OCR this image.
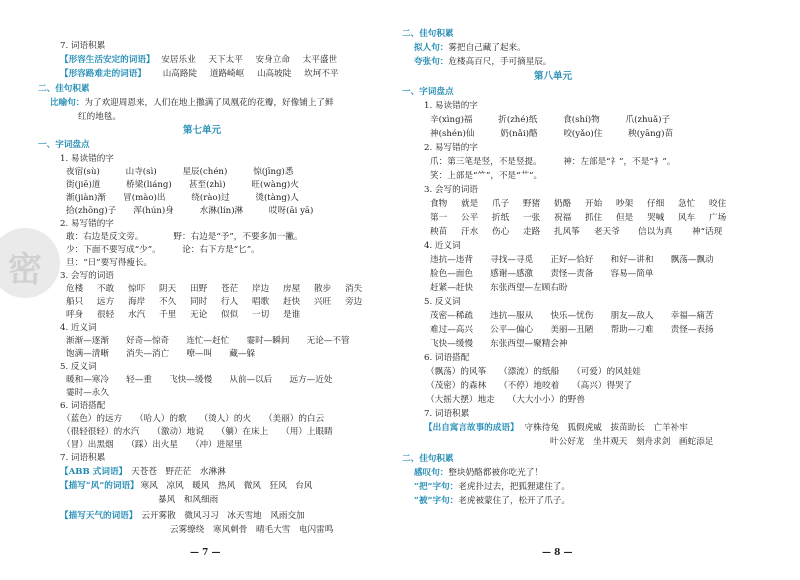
密
7. 词语积累
【形容生活安定的词语】 安居乐业 天下太平 安身立命 太平盛世
【形容路难走的词语】 山高路陡 道路崎岖 山高坡陡 坎坷不平
二、佳句积累
比喻句：为了欢迎周恩来，人们在地上撒满了凤凰花的花瓣，好像铺上了鲜
红的地毯。
第七单元
一、字词盘点
1. 易读错的字
夜宿(sù)　　　山寺(sì)　　　星辰(chén)　　　惊(jīng)悉
街(jiē)道　　　桥梁(liáng)　　甚至(zhì)　　　旺(wàng)火
渐(jiàn)渐　　冒(mào)出　　　绕(rào)过　　　烫(tàng)人
拾(zhōng)子　　浑(hún)身　　　水淋(lín)淋　　　哎呀(āi yā)
2. 易写错的字
敢：右边是反文旁。　　　　野：右边是“予”，不要多加一撇。
少：下面不要写成“少”。　　　论：右下方是“匕”。
旦：“日”要写得瘦长。
3. 会写的词语
危楼 不敢 惊吓 阴天 田野 苍茫 岸边 房屋 散步 消失
船只 远方 海岸 不久 同时 行人 唱歌 赶快 兴旺 旁边
呼身 很轻 水汽 千里 无论 似似 一切 是谁
4. 近义词
渐渐—逐渐　　好奇—惊奇　　连忙—赶忙　　霎时—瞬间　　无论—不管
饱满—清晰　　消失—消亡　　嘹—叫　　藏—躲
5. 反义词
暖和—寒冷　　轻—重　　飞快—缓慢　　从前—以后　　远方—近处
霎时—永久
6. 词语搭配
（蓝色）的远方　　（哈人）的歌　　（烫人）的火　　（美丽）的白云
（很轻很轻）的水汽　　（激动）地说　　（躺）在床上　　（用）上眼睛
（冒）出黑烟　　（踩）出火星　　（冲）进屋里
7. 词语积累
【ABB 式词语】 天苍苍　野茫茫　水淋淋
【描写“风”的词语】 寒风　凉风　暖风　热风　微风　狂风　台风
暴风　和风细雨
【描写天气的词语】 云开雾散　微风习习　冰天雪地　风雨交加
云雾缭绕　寒风刺骨　晴毛大雪　电闪雷鸣
— 7 —
二、佳句积累
拟人句：雾把自己藏了起来。
夸张句：危楼高百尺，手可摘星辰。
第八单元
一、字词盘点
1. 易读错的字
辛(xìng)福　　　折(zhé)纸　　　食(shí)物　　　爪(zhuǎ)子
神(shén)仙　　　奶(nǎi)酪　　　咬(yǎo)住　　　秧(yāng)苗
2. 易写错的字
爪：第三笔是竖，不是竖提。　　　神：左部是“礻”，不是“衤”。
笑：上部是“⺮”，不是“艹”。
3. 会写的词语
食物 就是 爪子 野猪 奶酪 开始 吵架 仔细 急忙 咬住
第一 公平 折纸 一张 祝福 抓住 但是 哭喊 风车 广场
秧苗 汗水 伤心 走路 扎风筝 老天爷 信以为真 神“话现
4. 近义词
违抗—违背　　寻找—寻觅　　正好—恰好　　和好—讲和　　飘荡—飘动
脸色—面色　　感谢—感激　　责怪—责备　　容易—简单
赶紧—赶快　　东张西望—左顾右盼
5. 反义词
茂密—稀疏　　违抗—服从　　快乐—忧伤　　朋友—敌人　　幸福—痛苦
难过—高兴　　公平—偏心　　美丽—丑陋　　帮助—刁难　　责怪—表扬
飞快—缓慢　　东张西望—聚精会神
6. 词语搭配
（飘荡）的风筝　　（漂流）的纸船　　（可爱）的风娃娃
（茂密）的森林　　（不停）地咬着　　（高兴）得哭了
（大摇大摆）地走　　（大大小小）的野兽
7. 词语积累
【出自寓言故事的成语】 守株待兔　狐假虎威　拔苗助长　亡羊补牢
叶公好龙　坐井观天　刻舟求剑　画蛇添足
二、佳句积累
感叹句：整块奶酪都被你吃光了！
“把”字句：老虎扑过去，把狐狸逮住了。
“被”字句：老虎被蒙住了，松开了爪子。
— 8 —
